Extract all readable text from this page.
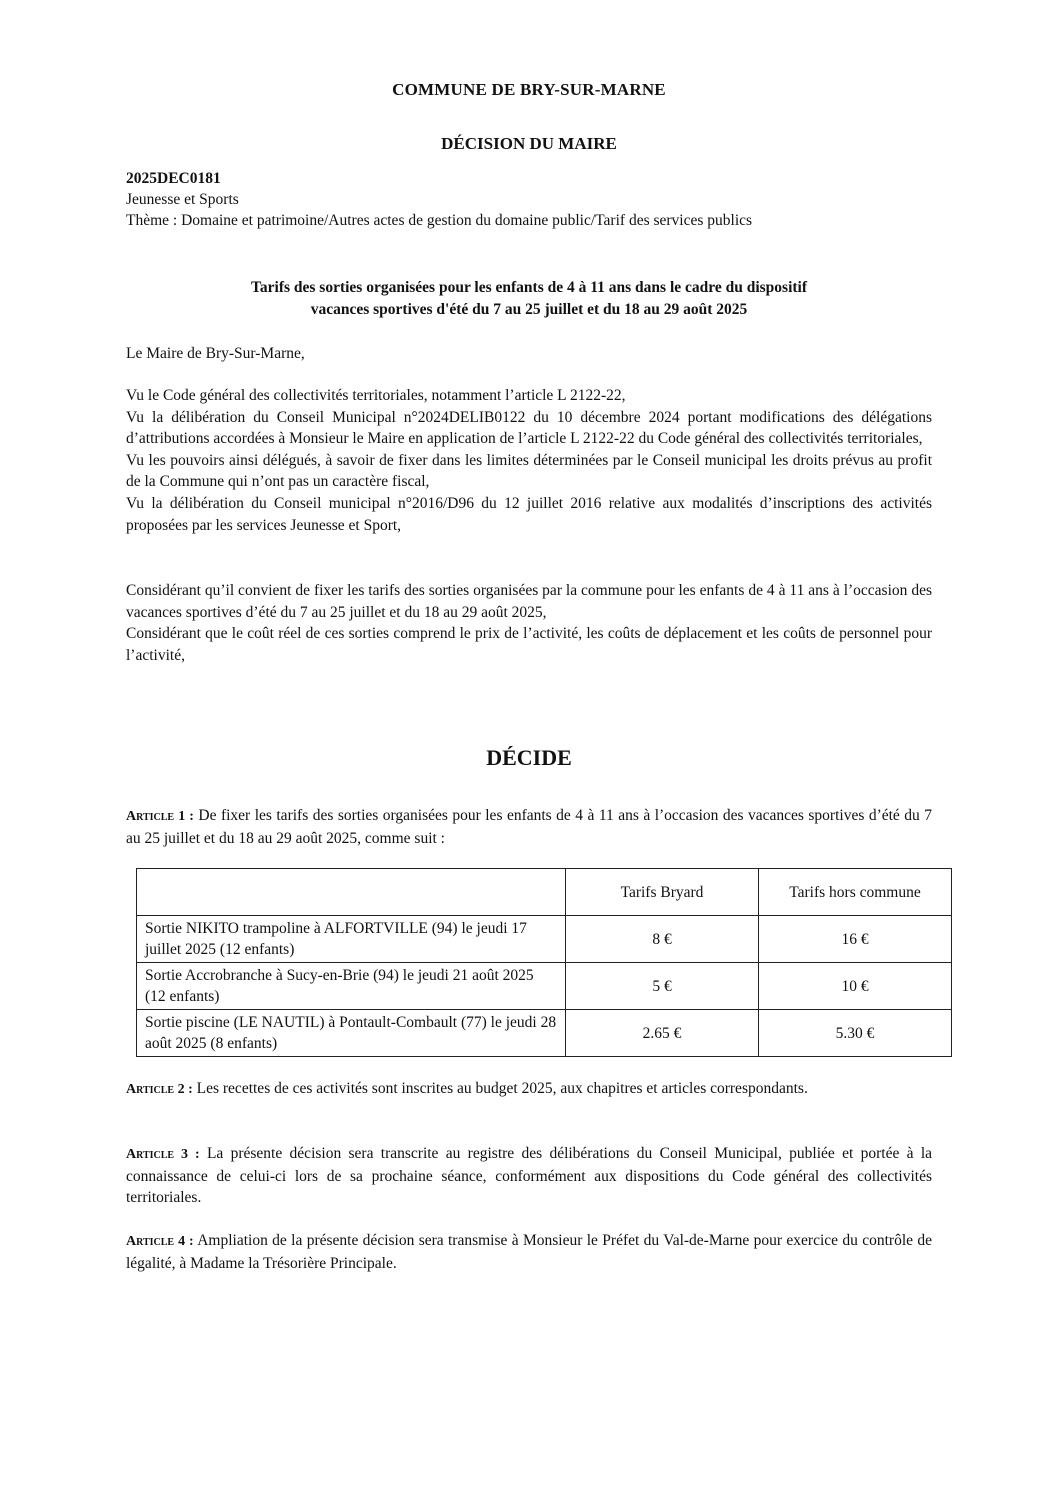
COMMUNE DE BRY-SUR-MARNE
DÉCISION DU MAIRE
2025DEC0181
Jeunesse et Sports
Thème : Domaine et patrimoine/Autres actes de gestion du domaine public/Tarif des services publics
Tarifs des sorties organisées pour les enfants de 4 à 11 ans dans le cadre du dispositif
vacances sportives d'été du 7 au 25 juillet et du 18 au 29 août 2025
Le Maire de Bry-Sur-Marne,

Vu le Code général des collectivités territoriales, notamment l’article L 2122-22,

Vu la délibération du Conseil Municipal n°2024DELIB0122 du 10 décembre 2024 portant modifications des délégations d’attributions accordées à Monsieur le Maire en application de l’article L 2122-22 du Code général des collectivités territoriales,

Vu les pouvoirs ainsi délégués, à savoir de fixer dans les limites déterminées par le Conseil municipal les droits prévus au profit de la Commune qui n’ont pas un caractère fiscal,

Vu la délibération du Conseil municipal n°2016/D96 du 12 juillet 2016 relative aux modalités d’inscriptions des activités proposées par les services Jeunesse et Sport,

Considérant qu’il convient de fixer les tarifs des sorties organisées par la commune pour les enfants de 4 à 11 ans à l’occasion des vacances sportives d’été du 7 au 25 juillet et du 18 au 29 août 2025,

Considérant que le coût réel de ces sorties comprend le prix de l’activité, les coûts de déplacement et les coûts de personnel pour l’activité,

DÉCIDE
Article 1 : De fixer les tarifs des sorties organisées pour les enfants de 4 à 11 ans à l’occasion des vacances sportives d’été du 7 au 25 juillet et du 18 au 29 août 2025, comme suit :
	Tarifs Bryard	Tarifs hors commune
Sortie NIKITO trampoline à ALFORTVILLE (94) le jeudi 17 juillet 2025 (12 enfants)	8 €	16 €
Sortie Accrobranche à Sucy-en-Brie (94) le jeudi 21 août 2025 (12 enfants)	5 €	10 €
Sortie piscine (LE NAUTIL) à Pontault-Combault (77) le jeudi 28 août 2025 (8 enfants)	2.65 €	5.30 €
Article 2 : Les recettes de ces activités sont inscrites au budget 2025, aux chapitres et articles correspondants.
Article 3 : La présente décision sera transcrite au registre des délibérations du Conseil Municipal, publiée et portée à la connaissance de celui-ci lors de sa prochaine séance, conformément aux dispositions du Code général des collectivités territoriales.
Article 4 : Ampliation de la présente décision sera transmise à Monsieur le Préfet du Val-de-Marne pour exercice du contrôle de légalité, à Madame la Trésorière Principale.
